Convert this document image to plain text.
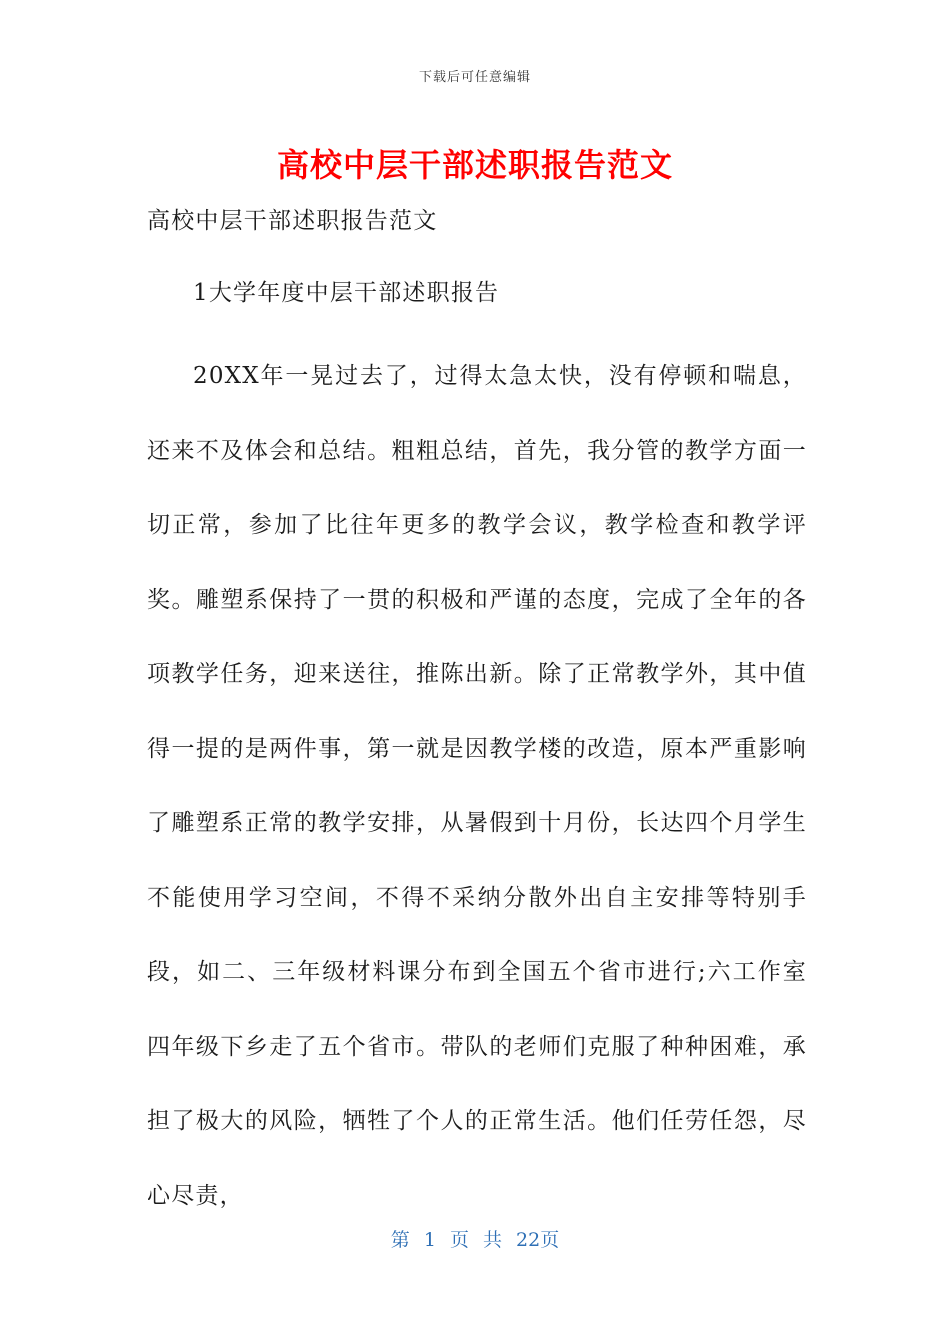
下载后可任意编辑
高校中层干部述职报告范文

高校中层干部述职报告范文

1大学年度中层干部述职报告

20XX年一晃过去了，过得太急太快，没有停顿和喘息，还来不及体会和总结。粗粗总结，首先，我分管的教学方面一切正常，参加了比往年更多的教学会议，教学检查和教学评奖。雕塑系保持了一贯的积极和严谨的态度，完成了全年的各项教学任务，迎来送往，推陈出新。除了正常教学外，其中值得一提的是两件事，第一就是因教学楼的改造，原本严重影响了雕塑系正常的教学安排，从暑假到十月份，长达四个月学生不能使用学习空间，不得不采纳分散外出自主安排等特别手段，如二、三年级材料课分布到全国五个省市进行;六工作室四年级下乡走了五个省市。带队的老师们克服了种种困难，承担了极大的风险，牺牲了个人的正常生活。他们任劳任怨，尽心尽责，

第 1 页 共 22页
